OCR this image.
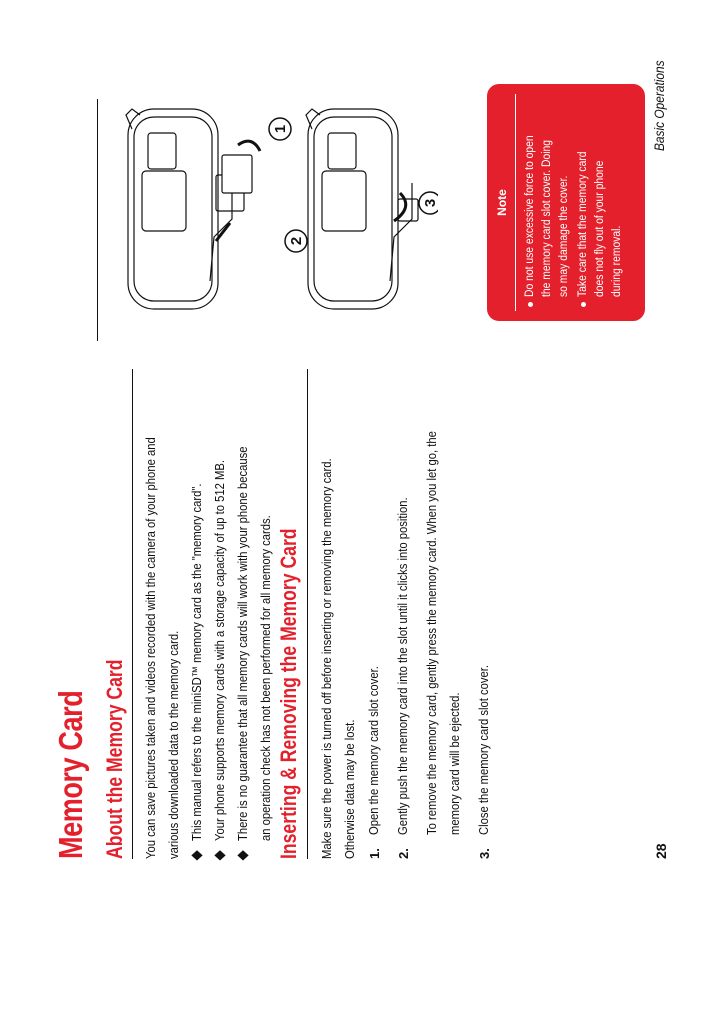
Memory Card About the Memory Card	You can save pictures taken and videos recorded with the camera of your phone and various downloaded data to the memory card. This manual refers to the miniSD™ memory card as the "memory card". Your phone supports memory cards with a storage capacity of up to 512 MB. There is no guarantee that all memory cards will work with your phone because an operation check has not been performed for all memory cards. Inserting & Removing the Memory Card	Make sure the power is turned off before inserting or removing the memory card. Otherwise data may be lost. 1.
Open the memory card slot cover.
2.
Gently push the memory card into the slot until it clicks into position.	To remove the memory card, gently press the memory card. When you let go, the memory card will be ejected.
3.
Close the memory card slot cover.
28
1
2
3	Note Do not use excessive force to open the memory card slot cover. Doing so may damage the cover. Take care that the memory card does not fly out of your phone during removal.
Basic Operations
